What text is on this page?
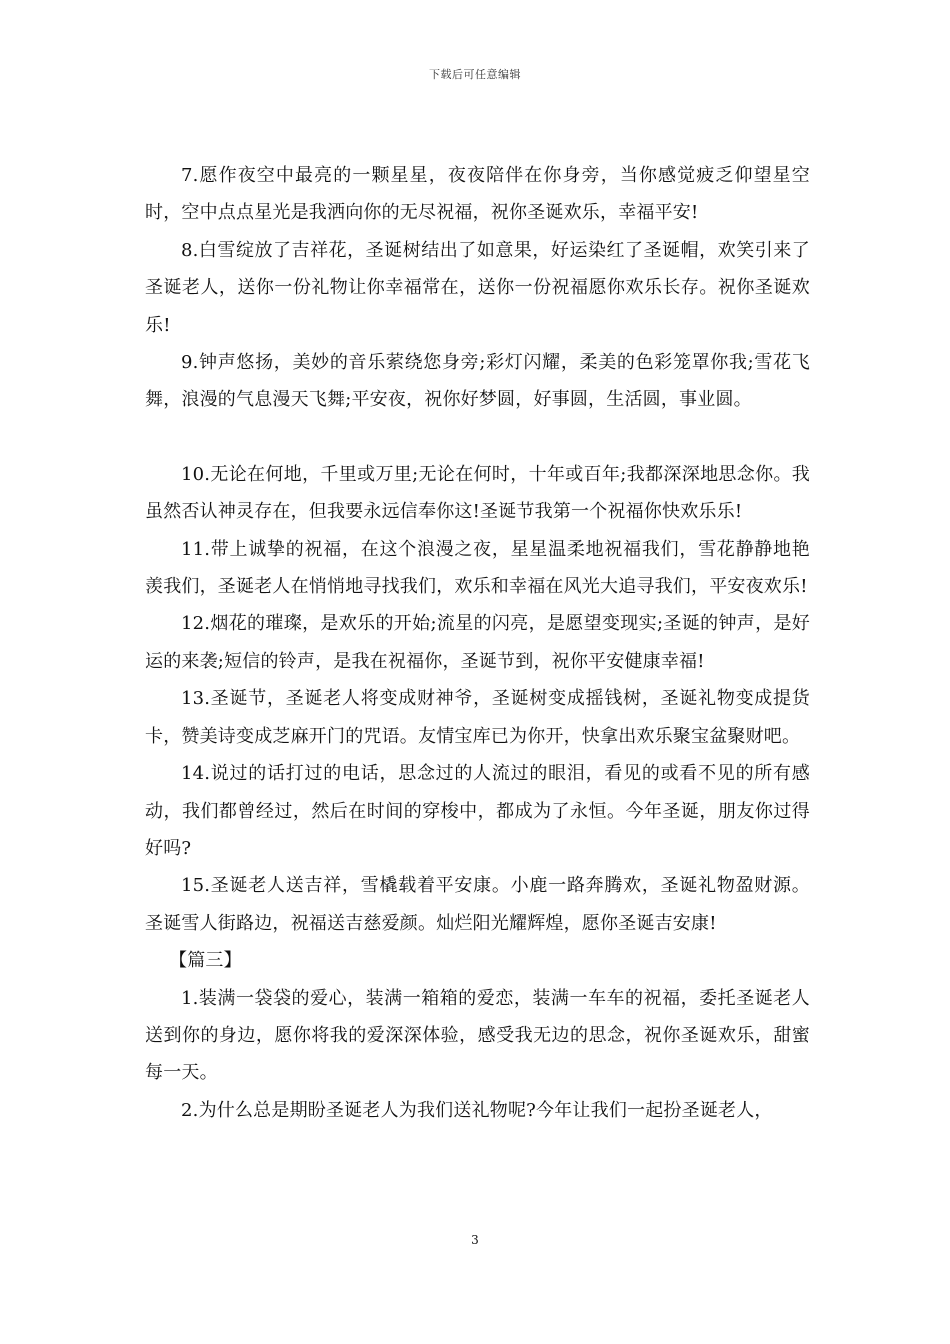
下载后可任意编辑

7.愿作夜空中最亮的一颗星星，夜夜陪伴在你身旁，当你感觉疲乏仰望星空时，空中点点星光是我洒向你的无尽祝福，祝你圣诞欢乐，幸福平安!

8.白雪绽放了吉祥花，圣诞树结出了如意果，好运染红了圣诞帽，欢笑引来了圣诞老人，送你一份礼物让你幸福常在，送你一份祝福愿你欢乐长存。祝你圣诞欢乐!

9.钟声悠扬，美妙的音乐萦绕您身旁;彩灯闪耀，柔美的色彩笼罩你我;雪花飞舞，浪漫的气息漫天飞舞;平安夜，祝你好梦圆，好事圆，生活圆，事业圆。

10.无论在何地，千里或万里;无论在何时，十年或百年;我都深深地思念你。我虽然否认神灵存在，但我要永远信奉你这!圣诞节我第一个祝福你快欢乐乐!

11.带上诚挚的祝福，在这个浪漫之夜，星星温柔地祝福我们，雪花静静地艳羡我们，圣诞老人在悄悄地寻找我们，欢乐和幸福在风光大追寻我们，平安夜欢乐!

12.烟花的璀璨，是欢乐的开始;流星的闪亮，是愿望变现实;圣诞的钟声，是好运的来袭;短信的铃声，是我在祝福你，圣诞节到，祝你平安健康幸福!

13.圣诞节，圣诞老人将变成财神爷，圣诞树变成摇钱树，圣诞礼物变成提货卡，赞美诗变成芝麻开门的咒语。友情宝库已为你开，快拿出欢乐聚宝盆聚财吧。

14.说过的话打过的电话，思念过的人流过的眼泪，看见的或看不见的所有感动，我们都曾经过，然后在时间的穿梭中，都成为了永恒。今年圣诞，朋友你过得好吗?

15.圣诞老人送吉祥，雪橇载着平安康。小鹿一路奔腾欢，圣诞礼物盈财源。圣诞雪人街路边，祝福送吉慈爱颜。灿烂阳光耀辉煌，愿你圣诞吉安康!

【篇三】

1.装满一袋袋的爱心，装满一箱箱的爱恋，装满一车车的祝福，委托圣诞老人送到你的身边，愿你将我的爱深深体验，感受我无边的思念，祝你圣诞欢乐，甜蜜每一天。

2.为什么总是期盼圣诞老人为我们送礼物呢?今年让我们一起扮圣诞老人，

3
